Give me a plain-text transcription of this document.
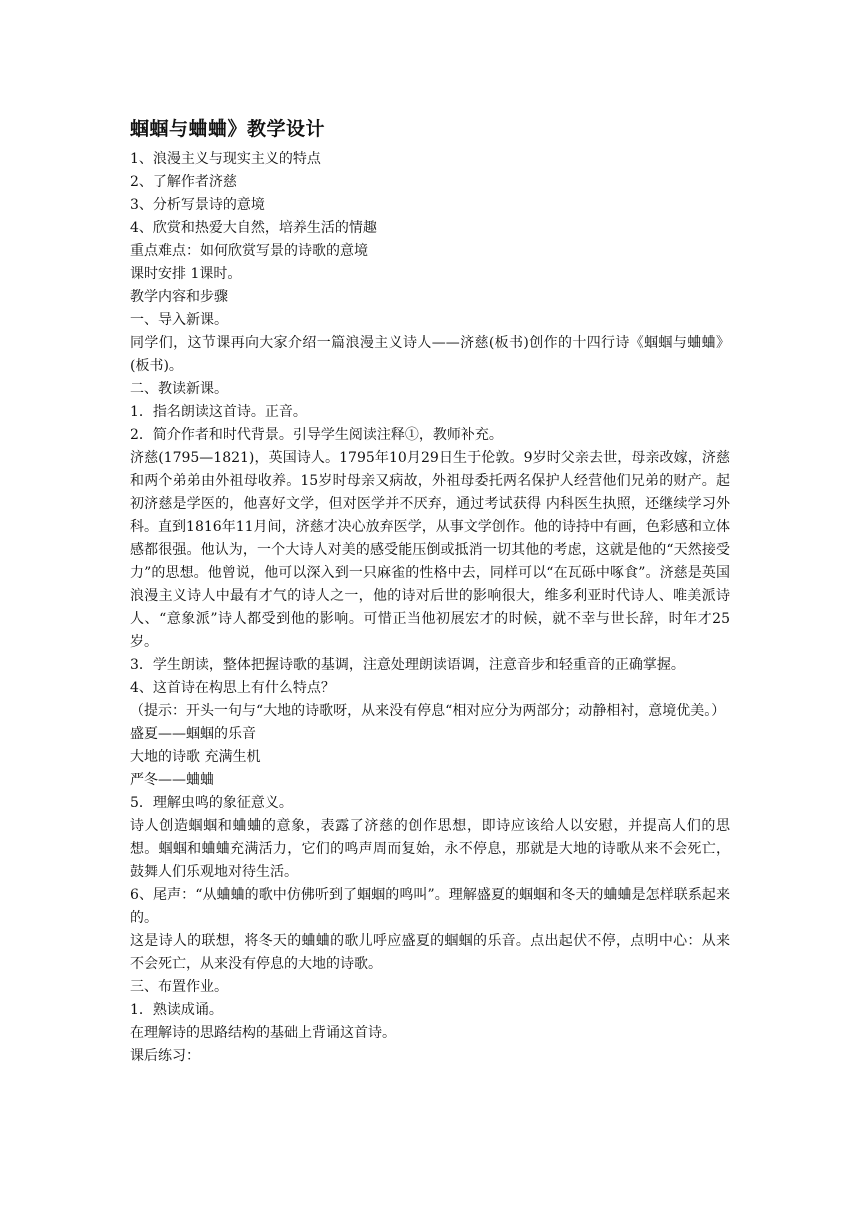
蝈蝈与蛐蛐》教学设计

1、浪漫主义与现实主义的特点

2、了解作者济慈

3、分析写景诗的意境

4、欣赏和热爱大自然，培养生活的情趣

重点难点：如何欣赏写景的诗歌的意境

课时安排 1课时。

教学内容和步骤

一、导入新课。

同学们，这节课再向大家介绍一篇浪漫主义诗人——济慈(板书)创作的十四行诗《蝈蝈与蛐蛐》(板书)。

二、教读新课。

1．指名朗读这首诗。正音。

2．简介作者和时代背景。引导学生阅读注释①，教师补充。

济慈(1795—1821)，英国诗人。1795年10月29日生于伦敦。9岁时父亲去世，母亲改嫁，济慈和两个弟弟由外祖母收养。15岁时母亲又病故，外祖母委托两名保护人经营他们兄弟的财产。起初济慈是学医的，他喜好文学，但对医学并不厌弃，通过考试获得 内科医生执照，还继续学习外科。直到1816年11月间，济慈才决心放弃医学，从事文学创作。他的诗持中有画，色彩感和立体感都很强。他认为，一个大诗人对美的感受能压倒或抵消一切其他的考虑，这就是他的“天然接受力”的思想。他曾说，他可以深入到一只麻雀的性格中去，同样可以“在瓦砾中啄食”。济慈是英国浪漫主义诗人中最有才气的诗人之一，他的诗对后世的影响很大，维多利亚时代诗人、唯美派诗人、“意象派”诗人都受到他的影响。可惜正当他初展宏才的时候，就不幸与世长辞，时年才25岁。

3．学生朗读，整体把握诗歌的基调，注意处理朗读语调，注意音步和轻重音的正确掌握。

4、这首诗在构思上有什么特点？

（提示：开头一句与“大地的诗歌呀，从来没有停息“相对应分为两部分；动静相衬，意境优美。）

盛夏——蝈蝈的乐音

大地的诗歌 充满生机

严冬——蛐蛐

5．理解虫鸣的象征意义。

诗人创造蝈蝈和蛐蛐的意象，表露了济慈的创作思想，即诗应该给人以安慰，并提高人们的思想。蝈蝈和蛐蛐充满活力，它们的鸣声周而复始，永不停息，那就是大地的诗歌从来不会死亡，鼓舞人们乐观地对待生活。

6、尾声：“从蛐蛐的歌中仿佛听到了蝈蝈的鸣叫”。理解盛夏的蝈蝈和冬天的蛐蛐是怎样联系起来的。

这是诗人的联想，将冬天的蛐蛐的歌儿呼应盛夏的蝈蝈的乐音。点出起伏不停，点明中心：从来不会死亡，从来没有停息的大地的诗歌。

三、布置作业。

1．熟读成诵。

在理解诗的思路结构的基础上背诵这首诗。

课后练习：
